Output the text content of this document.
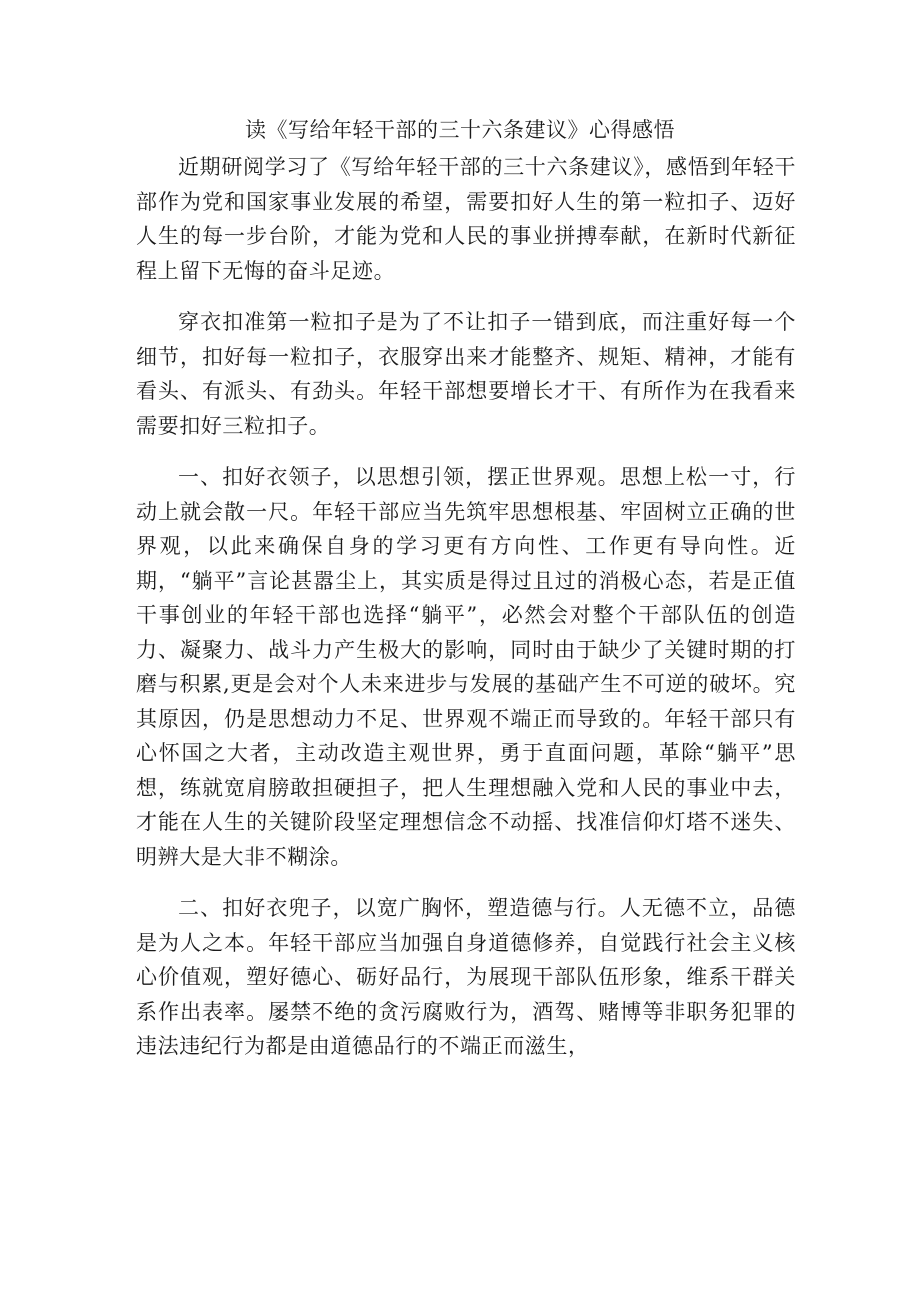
读《写给年轻干部的三十六条建议》心得感悟

近期研阅学习了《写给年轻干部的三十六条建议》，感悟到年轻干部作为党和国家事业发展的希望，需要扣好人生的第一粒扣子、迈好人生的每一步台阶，才能为党和人民的事业拼搏奉献，在新时代新征程上留下无悔的奋斗足迹。

穿衣扣准第一粒扣子是为了不让扣子一错到底，而注重好每一个细节，扣好每一粒扣子，衣服穿出来才能整齐、规矩、精神，才能有看头、有派头、有劲头。年轻干部想要增长才干、有所作为在我看来需要扣好三粒扣子。

一、扣好衣领子，以思想引领，摆正世界观。思想上松一寸，行动上就会散一尺。年轻干部应当先筑牢思想根基、牢固树立正确的世界观，以此来确保自身的学习更有方向性、工作更有导向性。近期，“躺平”言论甚嚣尘上，其实质是得过且过的消极心态，若是正值干事创业的年轻干部也选择“躺平”，必然会对整个干部队伍的创造力、凝聚力、战斗力产生极大的影响，同时由于缺少了关键时期的打磨与积累,更是会对个人未来进步与发展的基础产生不可逆的破坏。究其原因，仍是思想动力不足、世界观不端正而导致的。年轻干部只有心怀国之大者，主动改造主观世界，勇于直面问题，革除“躺平”思想，练就宽肩膀敢担硬担子，把人生理想融入党和人民的事业中去，才能在人生的关键阶段坚定理想信念不动摇、找准信仰灯塔不迷失、明辨大是大非不糊涂。

二、扣好衣兜子，以宽广胸怀，塑造德与行。人无德不立，品德是为人之本。年轻干部应当加强自身道德修养，自觉践行社会主义核心价值观，塑好德心、砺好品行，为展现干部队伍形象，维系干群关系作出表率。屡禁不绝的贪污腐败行为，酒驾、赌博等非职务犯罪的违法违纪行为都是由道德品行的不端正而滋生，
